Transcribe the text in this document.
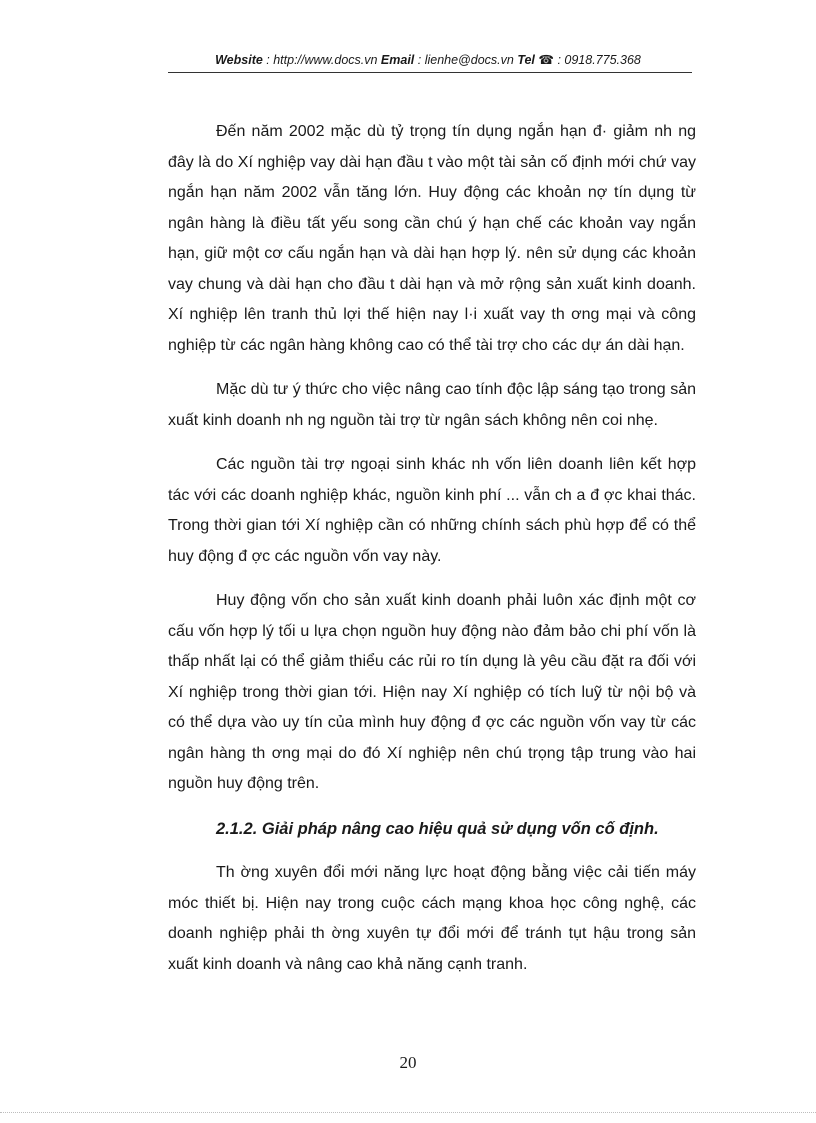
Website : http://www.docs.vn Email : lienhe@docs.vn Tel ☎ : 0918.775.368

Đến năm 2002 mặc dù tỷ trọng tín dụng ngắn hạn đ· giảm nh ng đây là do Xí nghiệp vay dài hạn đầu t vào một tài sản cố định mới chứ vay ngắn hạn năm 2002 vẫn tăng lớn. Huy động các khoản nợ tín dụng từ ngân hàng là điều tất yếu song cần chú ý hạn chế các khoản vay ngắn hạn, giữ một cơ cấu ngắn hạn và dài hạn hợp lý. nên sử dụng các khoản vay chung và dài hạn cho đầu t dài hạn và mở rộng sản xuất kinh doanh. Xí nghiệp lên tranh thủ lợi thế hiện nay l·i xuất vay th ơng mại và công nghiệp từ các ngân hàng không cao có thể tài trợ cho các dự án dài hạn.

Mặc dù tư ý thức cho việc nâng cao tính độc lập sáng tạo trong sản xuất kinh doanh nh ng nguồn tài trợ từ ngân sách không nên coi nhẹ.

Các nguồn tài trợ ngoại sinh khác nh vốn liên doanh liên kết hợp tác với các doanh nghiệp khác, nguồn kinh phí ... vẫn ch a đ ợc khai thác. Trong thời gian tới Xí nghiệp cần có những chính sách phù hợp để có thể huy động đ ợc các nguồn vốn vay này.

Huy động vốn cho sản xuất kinh doanh phải luôn xác định một cơ cấu vốn hợp lý tối u lựa chọn nguồn huy động nào đảm bảo chi phí vốn là thấp nhất lại có thể giảm thiểu các rủi ro tín dụng là yêu cầu đặt ra đối với Xí nghiệp trong thời gian tới. Hiện nay Xí nghiệp có tích luỹ từ nội bộ và có thể dựa vào uy tín của mình huy động đ ợc các nguồn vốn vay từ các ngân hàng th ơng mại do đó Xí nghiệp nên chú trọng tập trung vào hai nguồn huy động trên.

2.1.2. Giải pháp nâng cao hiệu quả sử dụng vốn cố định.

Th ờng xuyên đổi mới năng lực hoạt động bằng việc cải tiến máy móc thiết bị. Hiện nay trong cuộc cách mạng khoa học công nghệ, các doanh nghiệp phải th ờng xuyên tự đổi mới để tránh tụt hậu trong sản xuất kinh doanh và nâng cao khả năng cạnh tranh.

20
